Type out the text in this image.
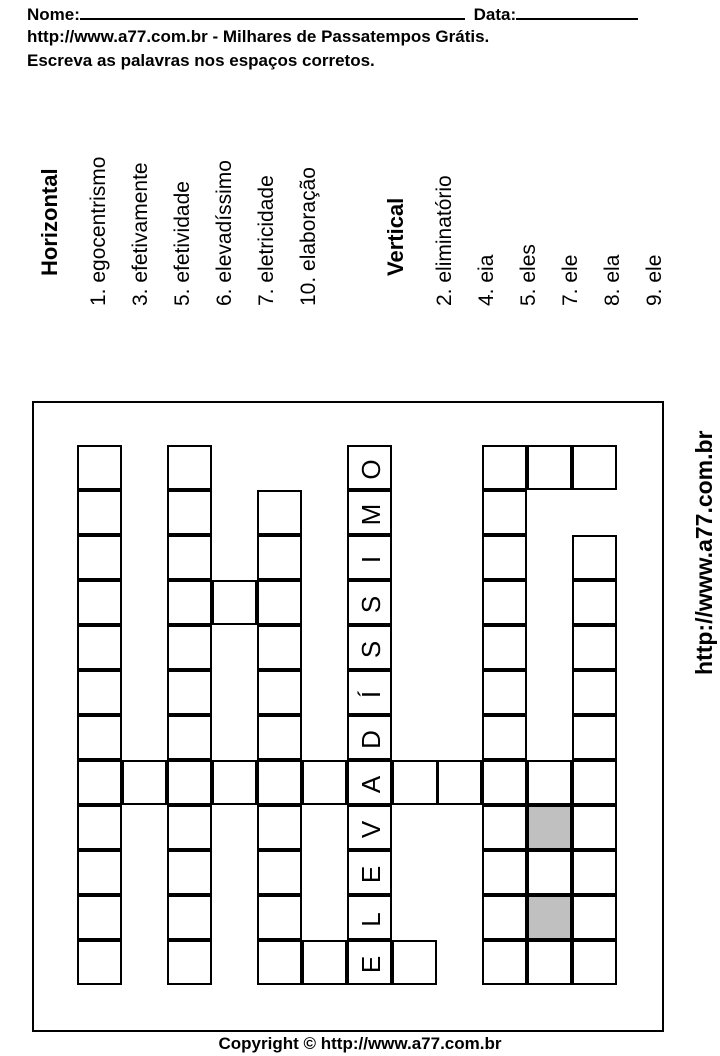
Nome:	Data:
http://www.a77.com.br - Milhares de Passatempos Grátis.
Escreva as palavras nos espaços corretos.
Horizontal 1. egocentrismo 3. efetivamente 5. efetividade 6. elevadíssimo 7. eletricidade 10. elaboração	Vertical 2. eliminatório 4. eia 5. eles 7. ele 8. ela 9. ele
http://www.a77.com.br
O
M
I
S
S
Í
D
A
V
E
L
E
Copyright © http://www.a77.com.br
